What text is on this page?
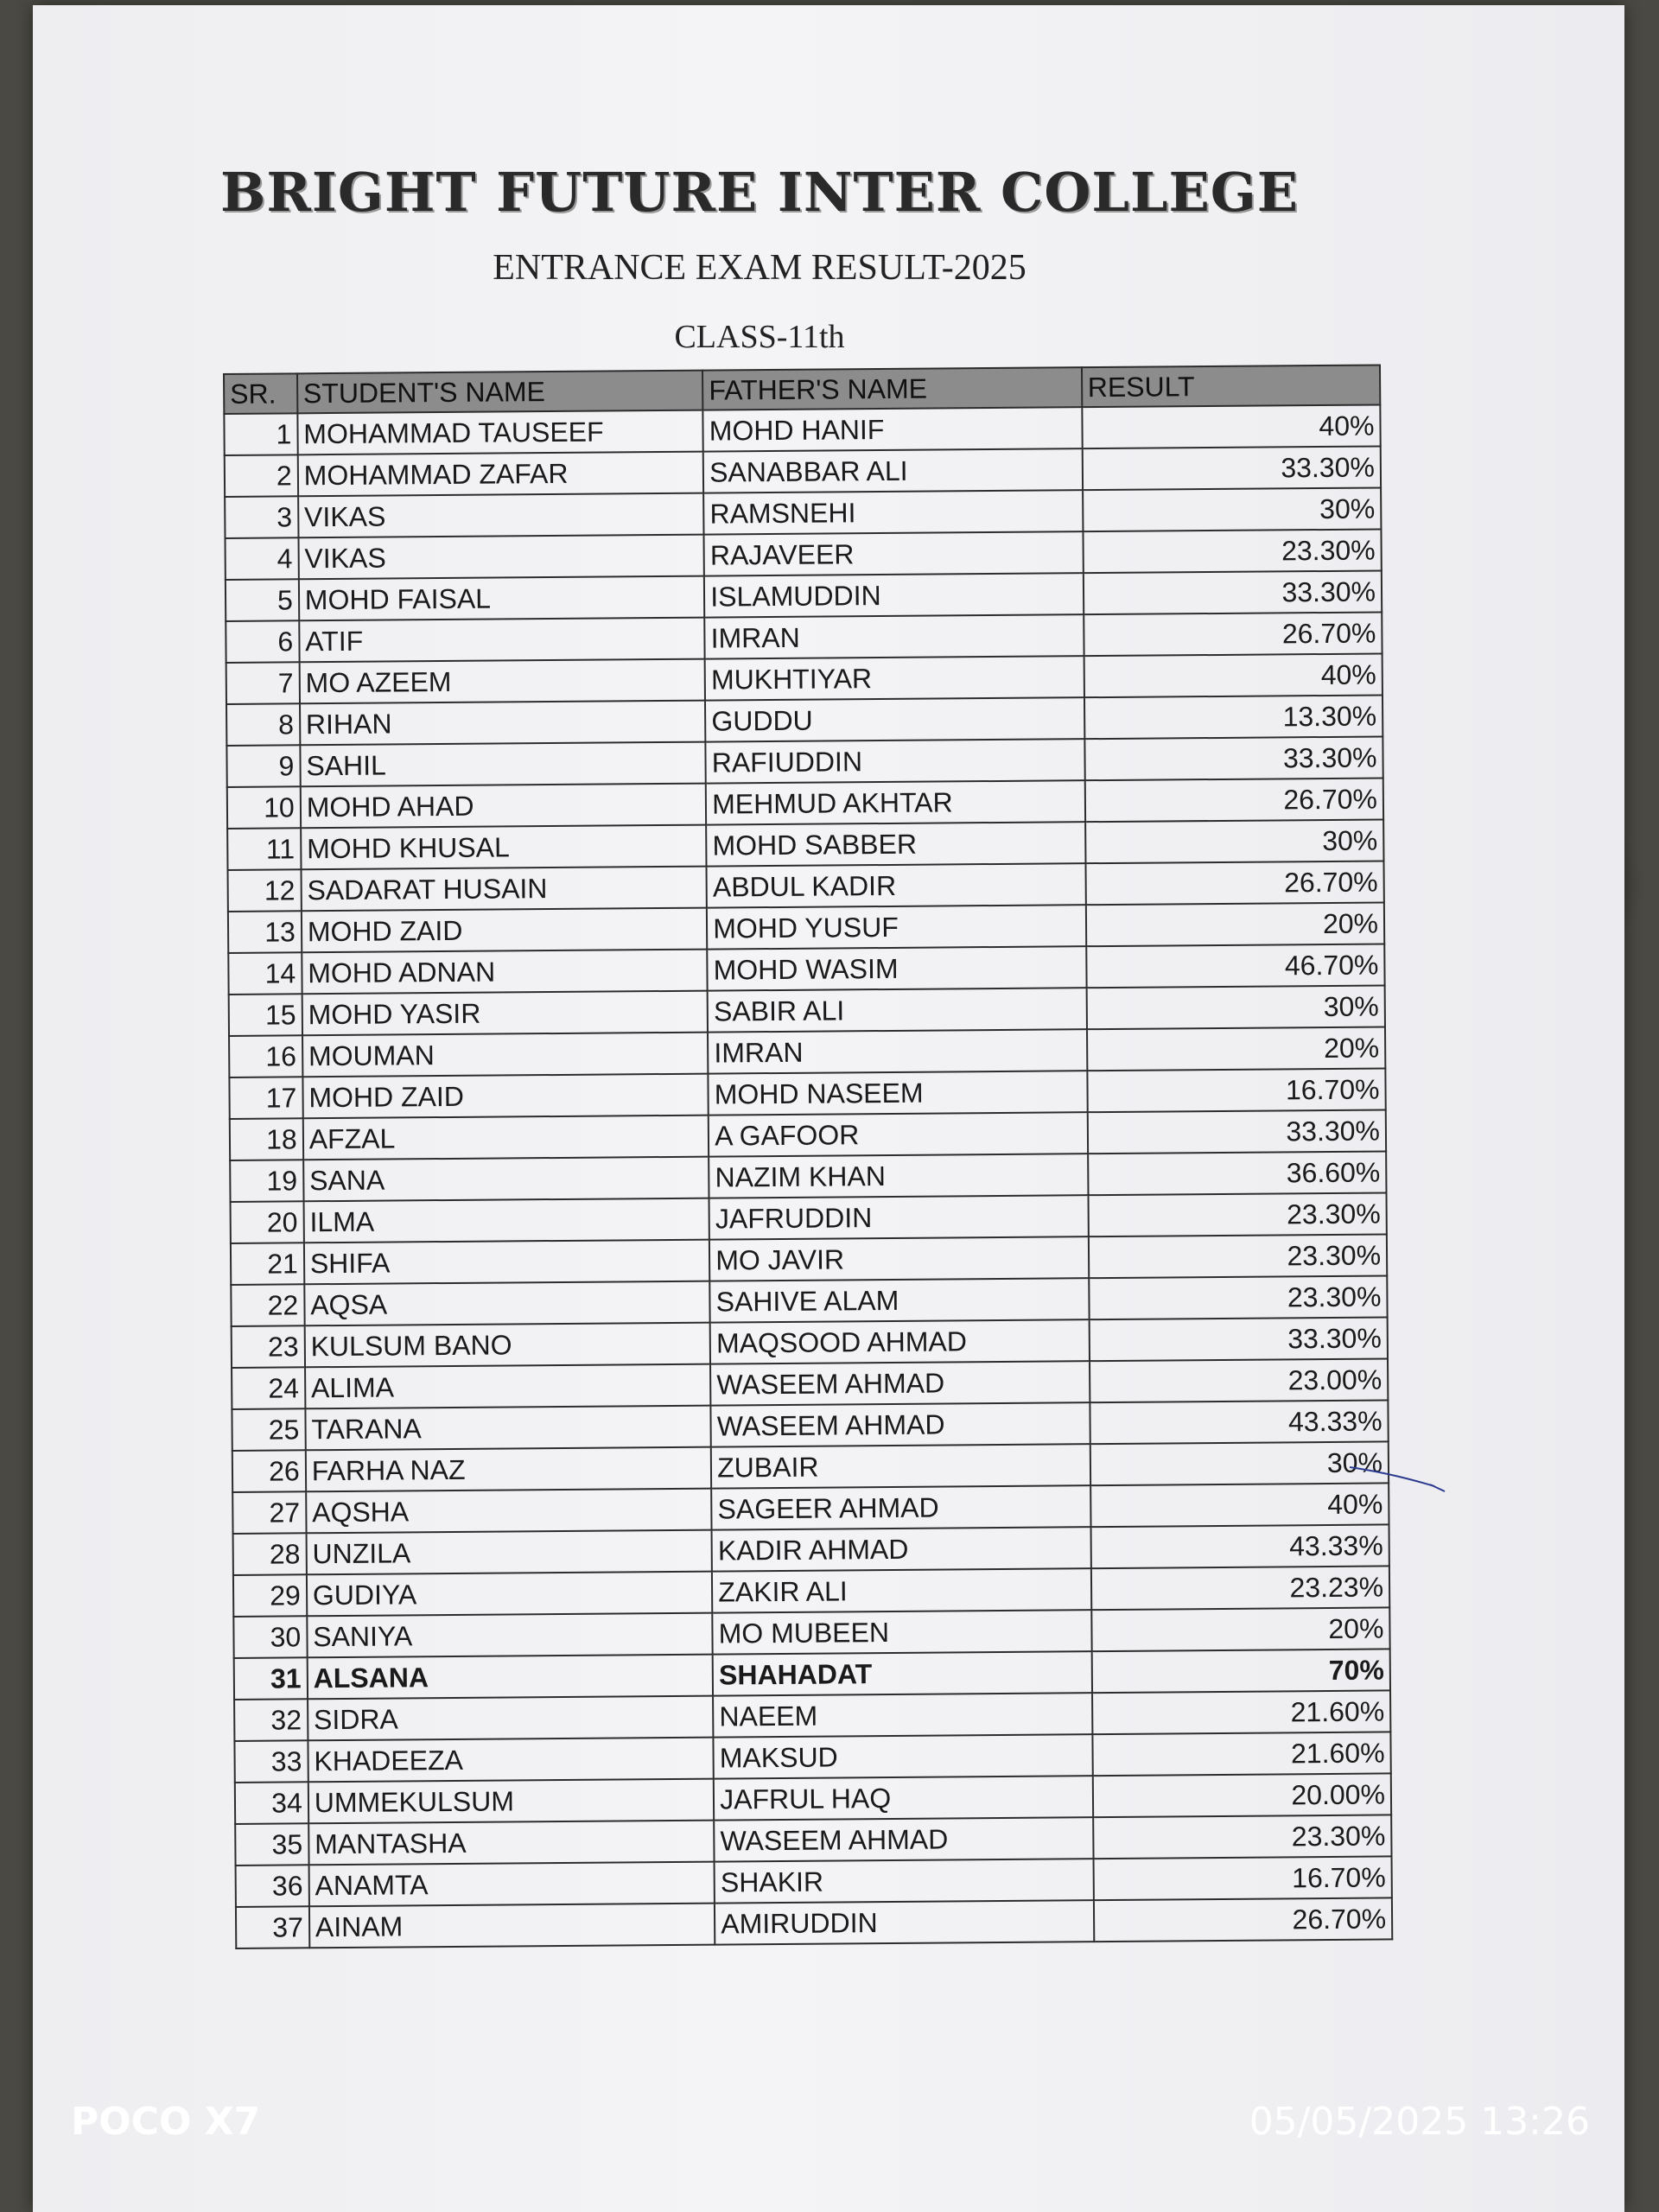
BRIGHT FUTURE INTER COLLEGE
ENTRANCE EXAM RESULT-2025
CLASS-11th
SR.	STUDENT'S NAME	FATHER'S NAME	RESULT
1	MOHAMMAD TAUSEEF	MOHD HANIF	40%
2	MOHAMMAD ZAFAR	SANABBAR ALI	33.30%
3	VIKAS	RAMSNEHI	30%
4	VIKAS	RAJAVEER	23.30%
5	MOHD FAISAL	ISLAMUDDIN	33.30%
6	ATIF	IMRAN	26.70%
7	MO AZEEM	MUKHTIYAR	40%
8	RIHAN	GUDDU	13.30%
9	SAHIL	RAFIUDDIN	33.30%
10	MOHD AHAD	MEHMUD AKHTAR	26.70%
11	MOHD KHUSAL	MOHD SABBER	30%
12	SADARAT HUSAIN	ABDUL KADIR	26.70%
13	MOHD ZAID	MOHD YUSUF	20%
14	MOHD ADNAN	MOHD WASIM	46.70%
15	MOHD YASIR	SABIR ALI	30%
16	MOUMAN	IMRAN	20%
17	MOHD ZAID	MOHD NASEEM	16.70%
18	AFZAL	A GAFOOR	33.30%
19	SANA	NAZIM KHAN	36.60%
20	ILMA	JAFRUDDIN	23.30%
21	SHIFA	MO JAVIR	23.30%
22	AQSA	SAHIVE ALAM	23.30%
23	KULSUM BANO	MAQSOOD AHMAD	33.30%
24	ALIMA	WASEEM AHMAD	23.00%
25	TARANA	WASEEM AHMAD	43.33%
26	FARHA NAZ	ZUBAIR	30%
27	AQSHA	SAGEER AHMAD	40%
28	UNZILA	KADIR AHMAD	43.33%
29	GUDIYA	ZAKIR ALI	23.23%
30	SANIYA	MO MUBEEN	20%
31	ALSANA	SHAHADAT	70%
32	SIDRA	NAEEM	21.60%
33	KHADEEZA	MAKSUD	21.60%
34	UMMEKULSUM	JAFRUL HAQ	20.00%
35	MANTASHA	WASEEM AHMAD	23.30%
36	ANAMTA	SHAKIR	16.70%
37	AINAM	AMIRUDDIN	26.70%
POCO X7	05/05/2025 13:26
